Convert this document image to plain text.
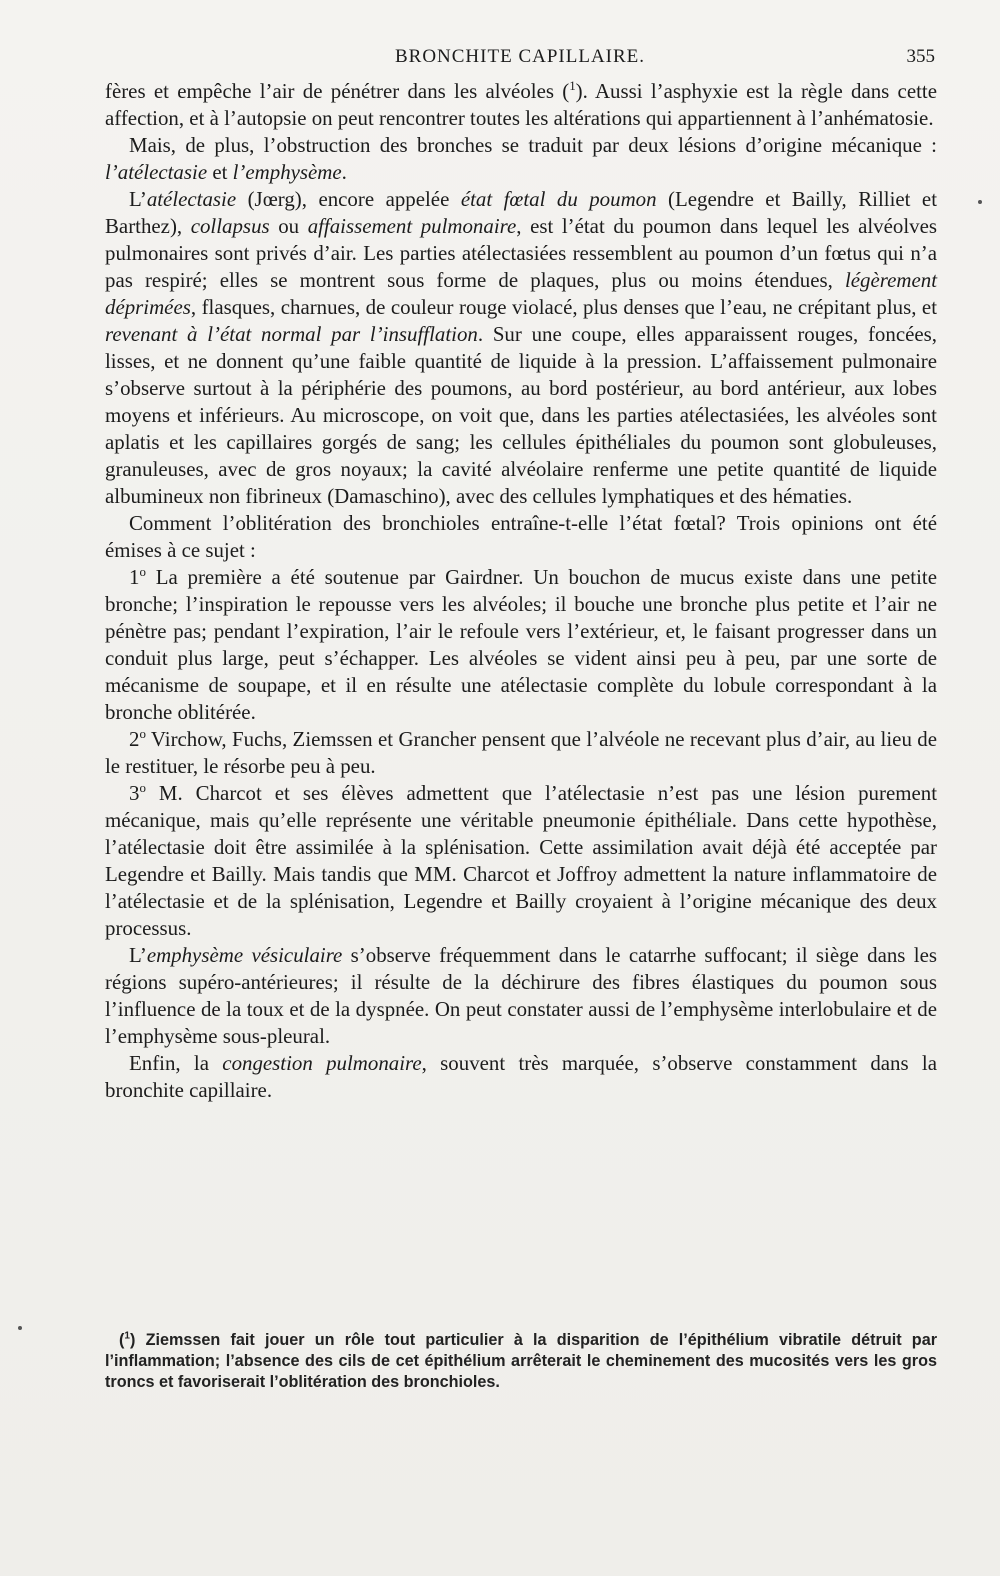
BRONCHITE CAPILLAIRE.	355

fères et empêche l’air de pénétrer dans les alvéoles ($^1$). Aussi l’asphyxie est la règle dans cette affection, et à l’autopsie on peut rencontrer toutes les altérations qui appartiennent à l’anhématosie.

Mais, de plus, l’obstruction des bronches se traduit par deux lésions d’origine mécanique : l’atélectasie et l’emphysème.

L’atélectasie (Jœrg), encore appelée état fœtal du poumon (Legendre et Bailly, Rilliet et Barthez), collapsus ou affaissement pulmonaire, est l’état du poumon dans lequel les alvéolves pulmonaires sont privés d’air. Les parties atélectasiées ressemblent au poumon d’un fœtus qui n’a pas respiré; elles se montrent sous forme de plaques, plus ou moins étendues, légèrement déprimées, flasques, charnues, de couleur rouge violacé, plus denses que l’eau, ne crépitant plus, et revenant à l’état normal par l’insufflation. Sur une coupe, elles apparaissent rouges, foncées, lisses, et ne donnent qu’une faible quantité de liquide à la pression. L’affaissement pulmonaire s’observe surtout à la périphérie des poumons, au bord postérieur, au bord antérieur, aux lobes moyens et inférieurs. Au microscope, on voit que, dans les parties atélectasiées, les alvéoles sont aplatis et les capillaires gorgés de sang; les cellules épithéliales du poumon sont globuleuses, granuleuses, avec de gros noyaux; la cavité alvéolaire renferme une petite quantité de liquide albumineux non fibrineux (Damaschino), avec des cellules lymphatiques et des hématies.

Comment l’oblitération des bronchioles entraîne-t-elle l’état fœtal? Trois opinions ont été émises à ce sujet :

1$^o$ La première a été soutenue par Gairdner. Un bouchon de mucus existe dans une petite bronche; l’inspiration le repousse vers les alvéoles; il bouche une bronche plus petite et l’air ne pénètre pas; pendant l’expiration, l’air le refoule vers l’extérieur, et, le faisant progresser dans un conduit plus large, peut s’échapper. Les alvéoles se vident ainsi peu à peu, par une sorte de mécanisme de soupape, et il en résulte une atélectasie complète du lobule correspondant à la bronche oblitérée.

2$^o$ Virchow, Fuchs, Ziemssen et Grancher pensent que l’alvéole ne recevant plus d’air, au lieu de le restituer, le résorbe peu à peu.

3$^o$ M. Charcot et ses élèves admettent que l’atélectasie n’est pas une lésion purement mécanique, mais qu’elle représente une véritable pneumonie épithéliale. Dans cette hypothèse, l’atélectasie doit être assimilée à la splénisation. Cette assimilation avait déjà été acceptée par Legendre et Bailly. Mais tandis que MM. Charcot et Joffroy admettent la nature inflammatoire de l’atélectasie et de la splénisation, Legendre et Bailly croyaient à l’origine mécanique des deux processus.

L’emphysème vésiculaire s’observe fréquemment dans le catarrhe suffocant; il siège dans les régions supéro-antérieures; il résulte de la déchirure des fibres élastiques du poumon sous l’influence de la toux et de la dyspnée. On peut constater aussi de l’emphysème interlobulaire et de l’emphysème sous-pleural.

Enfin, la congestion pulmonaire, souvent très marquée, s’observe constamment dans la bronchite capillaire.

($^1$) Ziemssen fait jouer un rôle tout particulier à la disparition de l’épithélium vibratile détruit par l’inflammation; l’absence des cils de cet épithélium arrêterait le cheminement des mucosités vers les gros troncs et favoriserait l’oblitération des bronchioles.
